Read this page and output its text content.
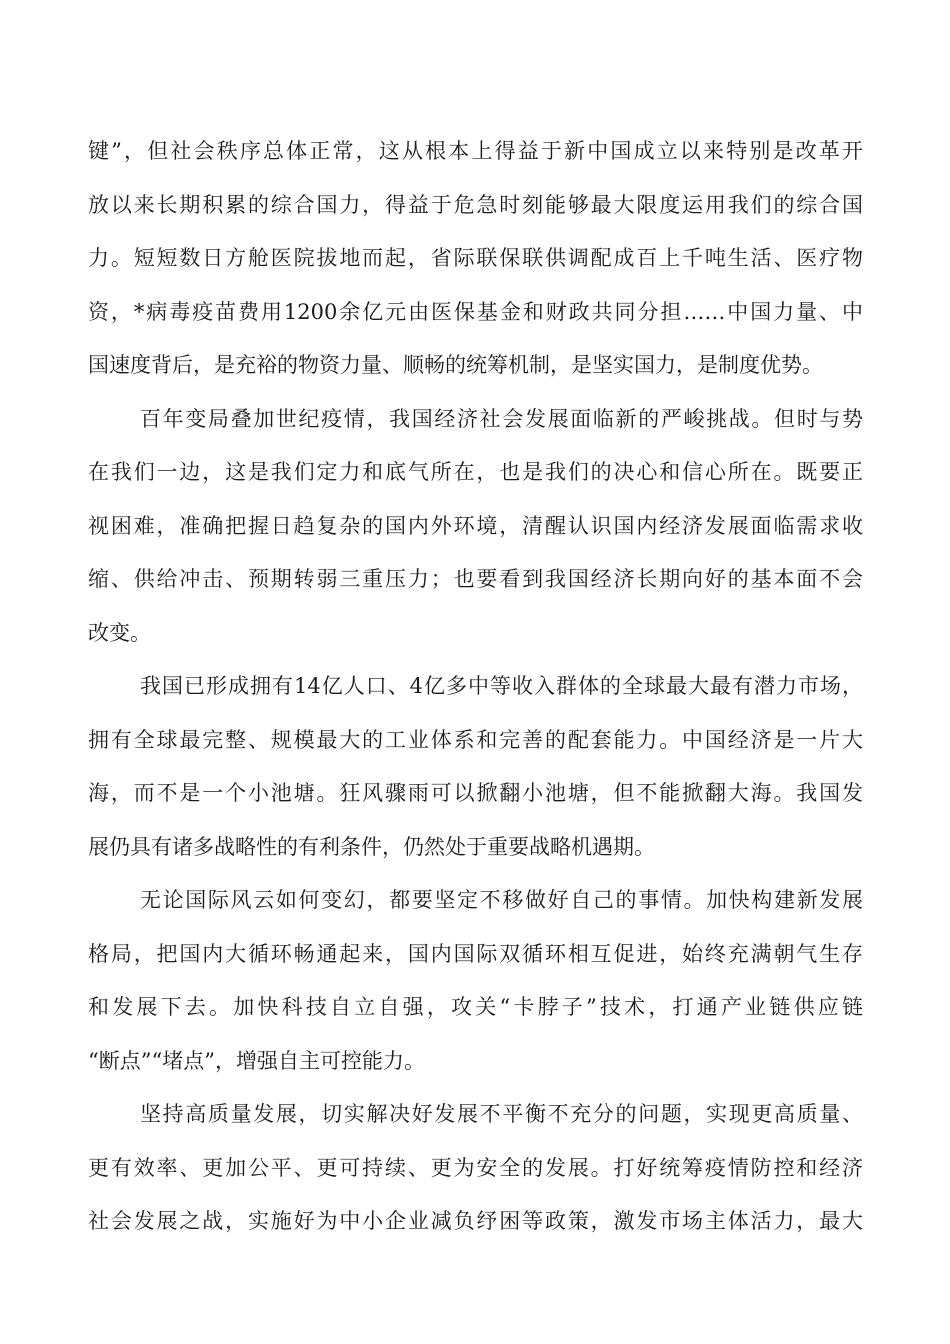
键”，但社会秩序总体正常，这从根本上得益于新中国成立以来特别是改革开
放以来长期积累的综合国力，得益于危急时刻能够最大限度运用我们的综合国
力。短短数日方舱医院拔地而起，省际联保联供调配成百上千吨生活、医疗物
资，*病毒疫苗费用1200余亿元由医保基金和财政共同分担……中国力量、中
国速度背后，是充裕的物资力量、顺畅的统筹机制，是坚实国力，是制度优势。
百年变局叠加世纪疫情，我国经济社会发展面临新的严峻挑战。但时与势
在我们一边，这是我们定力和底气所在，也是我们的决心和信心所在。既要正
视困难，准确把握日趋复杂的国内外环境，清醒认识国内经济发展面临需求收
缩、供给冲击、预期转弱三重压力；也要看到我国经济长期向好的基本面不会
改变。
我国已形成拥有14亿人口、4亿多中等收入群体的全球最大最有潜力市场，
拥有全球最完整、规模最大的工业体系和完善的配套能力。中国经济是一片大
海，而不是一个小池塘。狂风骤雨可以掀翻小池塘，但不能掀翻大海。我国发
展仍具有诸多战略性的有利条件，仍然处于重要战略机遇期。
无论国际风云如何变幻，都要坚定不移做好自己的事情。加快构建新发展
格局，把国内大循环畅通起来，国内国际双循环相互促进，始终充满朝气生存
和发展下去。加快科技自立自强，攻关“卡脖子”技术，打通产业链供应链
“断点”“堵点”，增强自主可控能力。
坚持高质量发展，切实解决好发展不平衡不充分的问题，实现更高质量、
更有效率、更加公平、更可持续、更为安全的发展。打好统筹疫情防控和经济
社会发展之战，实施好为中小企业减负纾困等政策，激发市场主体活力，最大
